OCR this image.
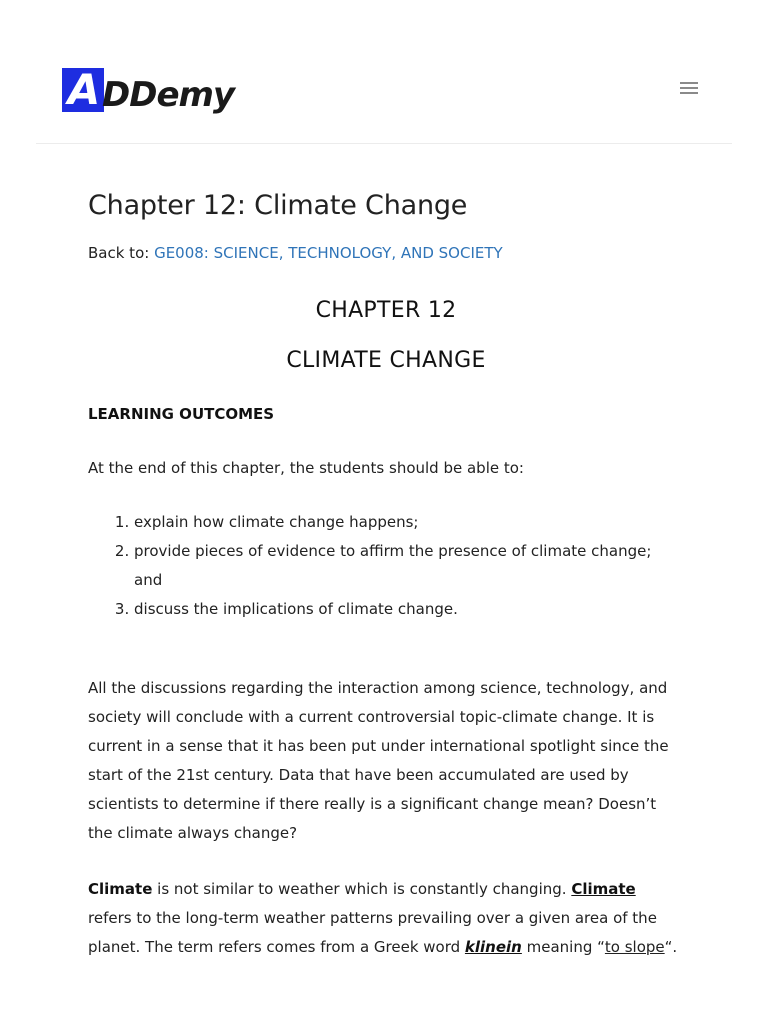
A DDemy
Chapter 12: Climate Change

Back to: GE008: SCIENCE, TECHNOLOGY, AND SOCIETY

CHAPTER 12
CLIMATE CHANGE

LEARNING OUTCOMES

At the end of this chapter, the students should be able to:

1. explain how climate change happens;
2. provide pieces of evidence to affirm the presence of climate change; and
3. discuss the implications of climate change.

All the discussions regarding the interaction among science, technology, and society will conclude with a current controversial topic-climate change. It is current in a sense that it has been put under international spotlight since the start of the 21st century. Data that have been accumulated are used by scientists to determine if there really is a significant change mean? Doesn’t the climate always change?

Climate is not similar to weather which is constantly changing. Climate refers to the long-term weather patterns prevailing over a given area of the planet. The term refers comes from a Greek word klinein meaning “to slope“.
